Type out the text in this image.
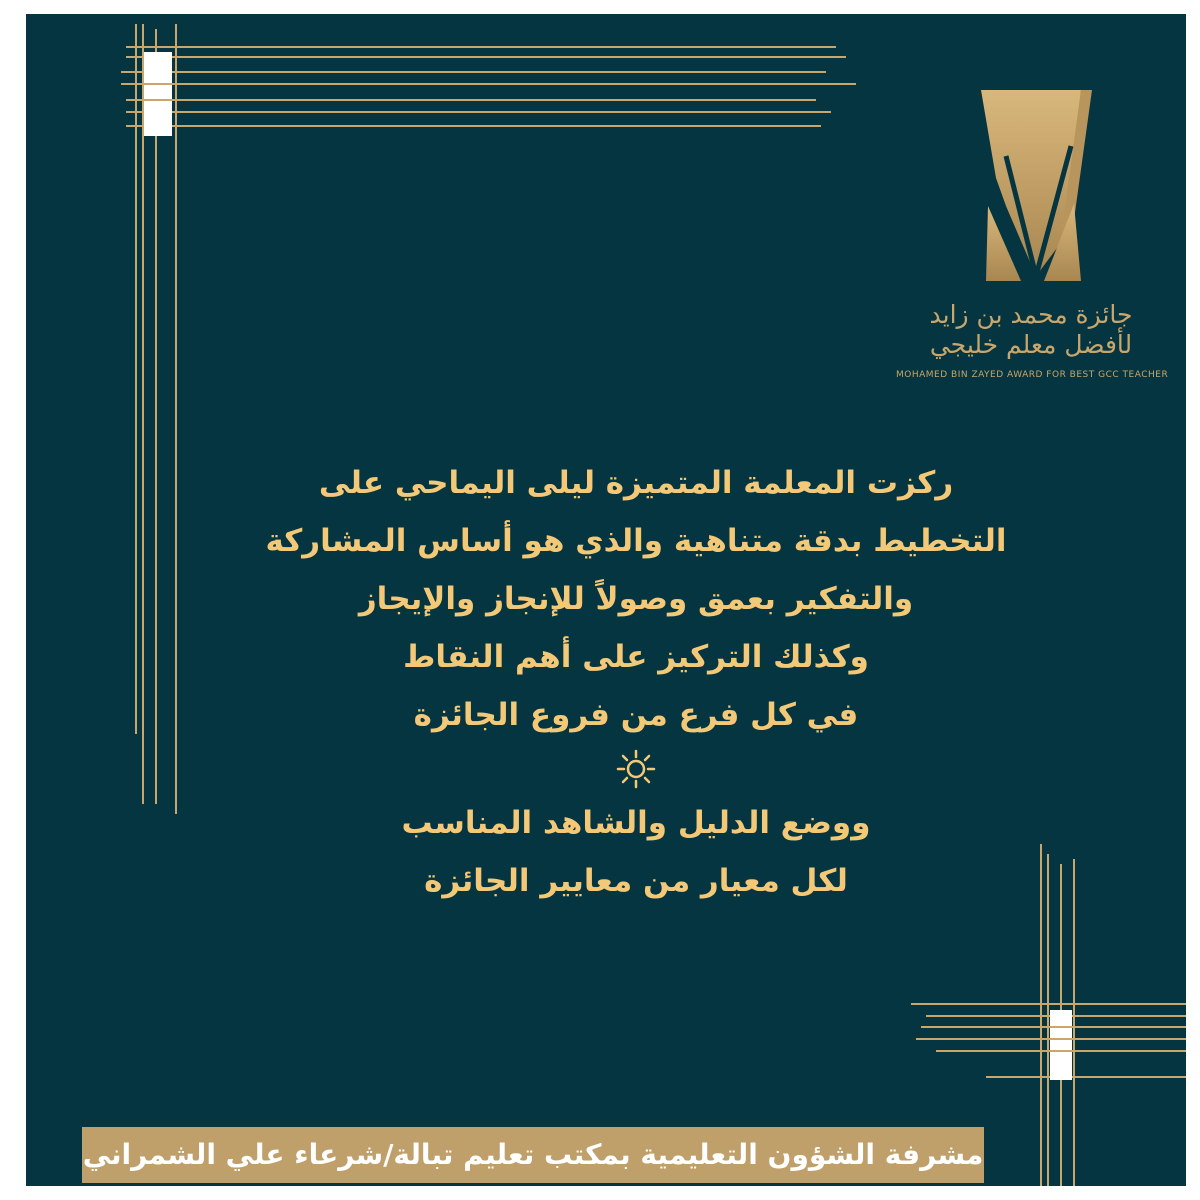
جائزة محمد بن زايد
لأفضل معلم خليجي
MOHAMED BIN ZAYED AWARD FOR BEST GCC TEACHER
ركزت المعلمة المتميزة ليلى اليماحي على
التخطيط بدقة متناهية والذي هو أساس المشاركة
والتفكير بعمق وصولاً للإنجاز والإيجاز
وكذلك التركيز على أهم النقاط
في كل فرع من فروع الجائزة
ووضع الدليل والشاهد المناسب
لكل معيار من معايير الجائزة
مشرفة الشؤون التعليمية بمكتب تعليم تبالة/شرعاء علي الشمراني
